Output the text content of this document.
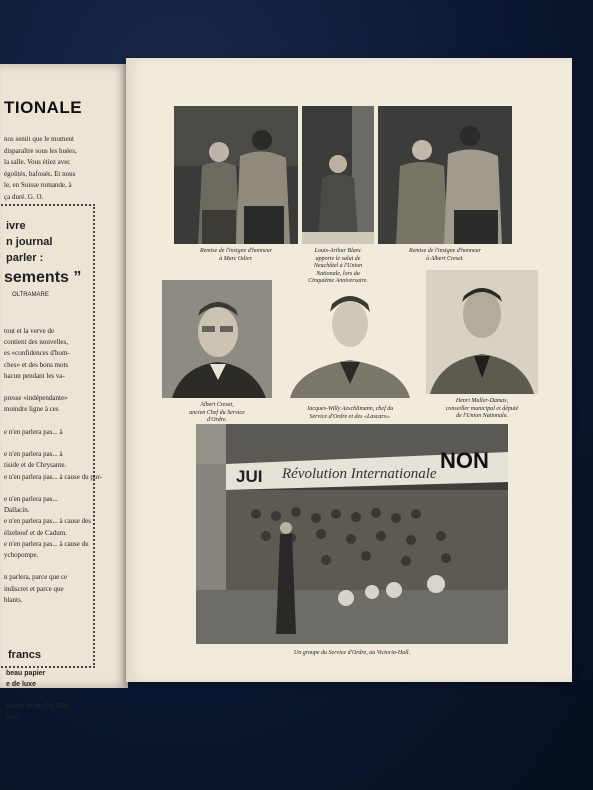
TIONALE
nos sentit que le moment
disparaître sous les huées,
la salle. Vous étiez avec
égoûtés, bafoués. Et nous
le, en Suisse romande, à
ça duré. G. O.
ivre
n journal
parler :
sements ”
OLTRAMARE
tout et la verve de
contient des nouvelles,
es «confidences d'hom-
ches» et des bons mots
hacun pendant les va-

presse «indépendante»
moindre ligne à ces

e n'en parlera pas... à

e n'en parlera pas... à
tiside et de Chrysante.
e n'en parlera pas... à cause du por-

e n'en parlera pas...
Dallacin.
e n'en parlera pas... à cause des
élzebouf et de Cadum.
e n'en parlera pas... à cause du
ychopompe.

n parlera, parce que ce
indiscret et parce que
blants.
francs
beau papier
e de luxe

airies et au PILORI,
erie.
Remise de l'insigne d'honneur
à Marc Odier.
Louis-Arthur Blanc
apporte le salut de
Neuchâtel à l'Union
Nationale, lors du
Cinquième Anniversaire.
Remise de l'insigne d'honneur
à Albert Creset.
Albert Creset,
ancien Chef du Service
d'Ordre.
Jacques-Willy Aeschlimann, chef du
Service d'Ordre et des «Lascars».
Henri Muller-Damas,
conseiller municipal et député
de l'Union Nationale.
JUI Révolution Internationale
NON
Un groupe du Service d'Ordre, au Victoria-Hall.
